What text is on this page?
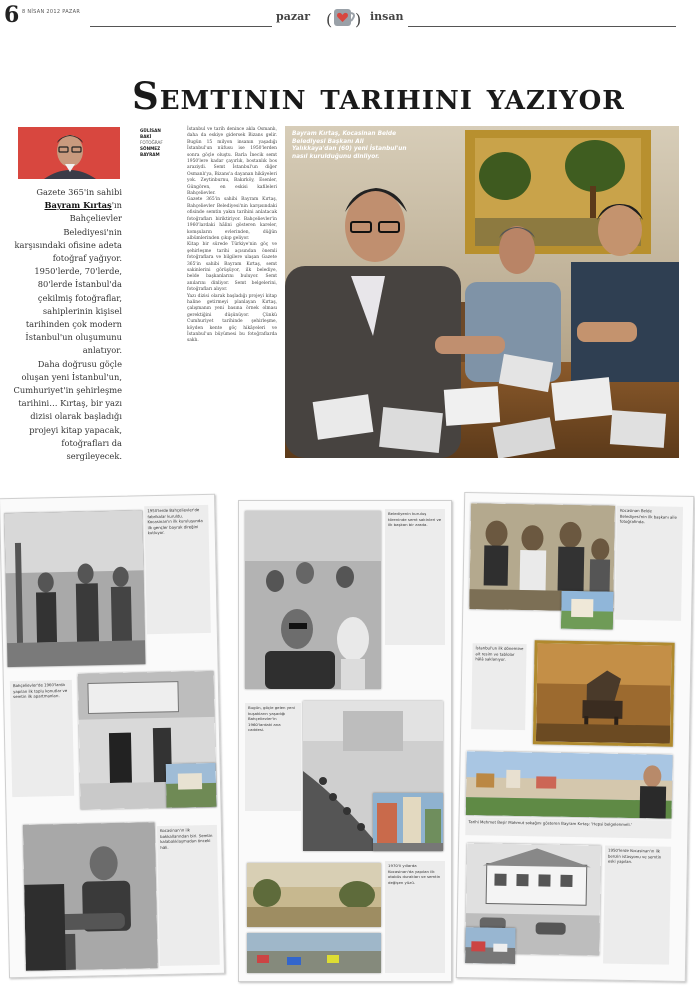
6 8 NİSAN 2012 PAZAR	pazar ( ) insan
Semtinin tarihini yazıyor
Gazete 365'in sahibi Bayram Kırtaş'ın Bahçelievler Belediyesi'nin karşısındaki ofisine adeta fotoğraf yağıyor. 1950'lerde, 70'lerde, 80'lerde İstanbul'da çekilmiş fotoğraflar, sahiplerinin kişisel tarihinden çok modern İstanbul'un oluşumunu anlatıyor.
Daha doğrusu göçle oluşan yeni İstanbul'un, Cumhuriyet'in şehirleşme tarihini… Kırtaş, bir yazı dizisi olarak başladığı projeyi kitap yapacak, fotoğrafları da sergileyecek.
GÜLİSAN
BAKİ
FOTOĞRAF
SÖNMEZ
BAYRAM

İstanbul ve tarih denince akla Osmanlı, daha da eskiye gidersek Bizans gelir. Bugün 15 milyon insanın yaşadığı İstanbul'un nüfusu ise 1950'lerden sonra göçle oluştu. Barla İnecik semt 1950'lere kadar çayırlık, bostanlık bos araziydi. Semt İstanbul'un diğer Osmanlı'ya, Bizans'a dayanan hikâyeleri yok. Zeytinburnu, Bakırköy, Esenler, Güngören, en eskisi kafileleri Bahçelievler.

Gazete 365'in sahibi Bayram Kırtaş, Bahçelievler Belediyesi'nin karşısındaki ofisinde semtin yakın tarihini anlatacak fotoğrafları biriktiriyor. Bahçelievler'in 1960'lardaki hâlini gösteren kareler, komşuların evlerinden, düğün albümlerinden çıkıp geliyor.

Kitap bir sürede Türkiye'nin göç ve şehirleşme tarihi açısından önemli fotoğraflara ve bilgilere ulaşan Gazete 365'in sahibi Bayram Kırtaş, semt sakinlerini görüşüyor, ilk belediye, belde başkanlarını buluyor. Semt anılarını dinliyor. Semt belgelerini, fotoğrafları alıyor.

Yazı dizisi olarak başladığı projeyi kitap haline getirmeyi planlayan Kırtaş, çalışmanın yeni basına örnek olması gerektiğini düşünüyor. Çünkü Cumhuriyet tarihinde şehirleşme, köyden kente göç hikâyeleri ve İstanbul'un büyümesi bu fotoğraflarda saklı.

Bayram Kırtaş, Kocasinan Belde Belediyesi Başkanı Ali Yalıkkaya'dan (60) yeni İstanbul'un nasıl kurulduğunu dinliyor.
1950'lerde Bahçelievler'de fabrikalar kuruldu. Kocasinan'ın ilk kuruluşunda ilk gençler bayrak direğini kutluyor.
Bahçelievler'de 1960'larda yapılan ilk toplu konutlar ve semtin ilk apartmanları.
Kocasinan'ın ilk bakkallarından biri. Semtin kalabalıklaşmadan önceki hâli.
Belediyenin kuruluş töreninde semt sakinleri ve ilk başkan bir arada.
Bugün, göçle gelen yeni kuşakların yaşadığı Bahçelievler'in 1960'lardaki ana caddesi.
1970'li yıllarda Kocasinan'da yapılan ilk otobüs durakları ve semtin değişen yüzü.
Kocasinan Belde Belediyesi'nin ilk başkanı aile fotoğrafında.
İstanbul'un ilk dönemine ait resim ve tablolar hâlâ saklanıyor.
Tarihi Mehmet Beşir Mahmut sokağını gösteren Bayram Kırtaş: 'Hepsi belgelenmeli.'
1950'lerde Kocasinan'ın ilk benzin istasyonu ve semtin eski yapıları.
